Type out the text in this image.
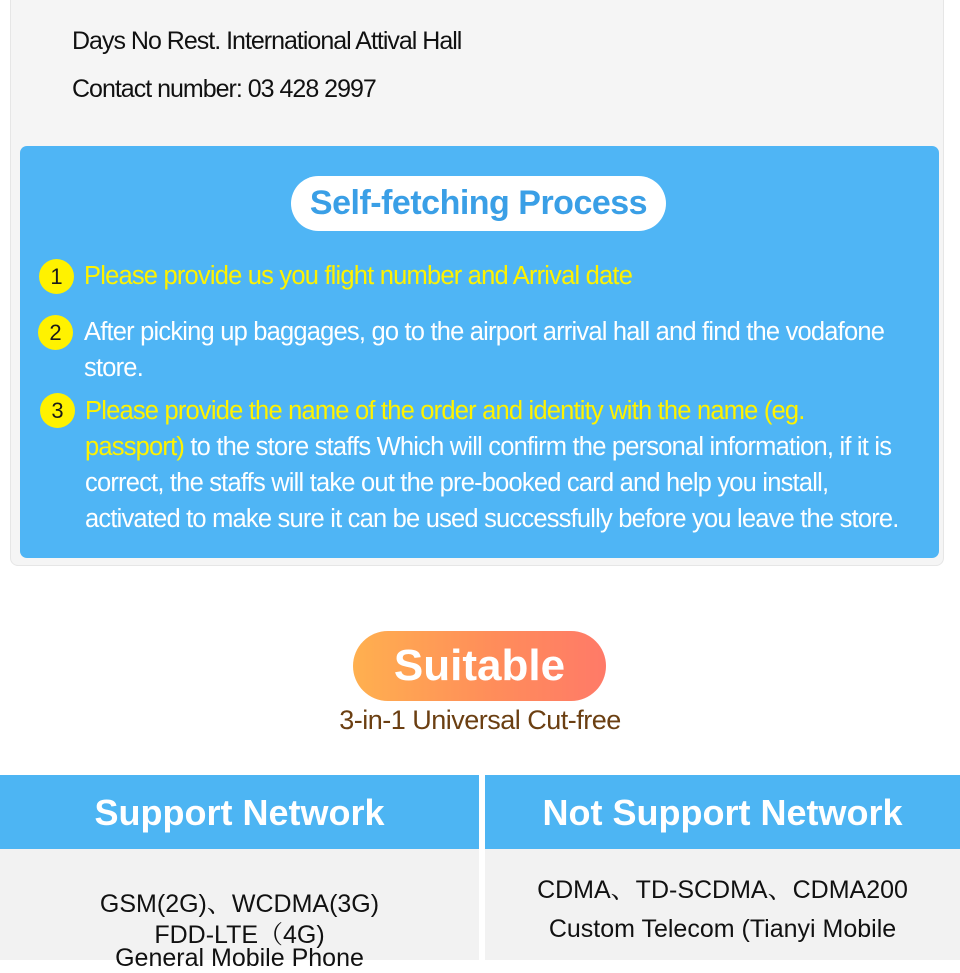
Days No Rest. International Attival Hall
Contact number: 03 428 2997
Self-fetching Process
1 Please provide us you flight number and Arrival date
2 After picking up baggages, go to the airport arrival hall and find the vodafone
store.
3 Please provide the name of the order and identity with the name (eg.
passport) to the store staffs Which will confirm the personal information, if it is
correct, the staffs will take out the pre-booked card and help you install,
activated to make sure it can be used successfully before you leave the store.
Suitable
3-in-1 Universal Cut-free
Support Network	Not Support Network
GSM(2G)、WCDMA(3G)
FDD-LTE（4G)
General Mobile Phone
CDMA、TD-SCDMA、CDMA200
Custom Telecom (Tianyi Mobile
